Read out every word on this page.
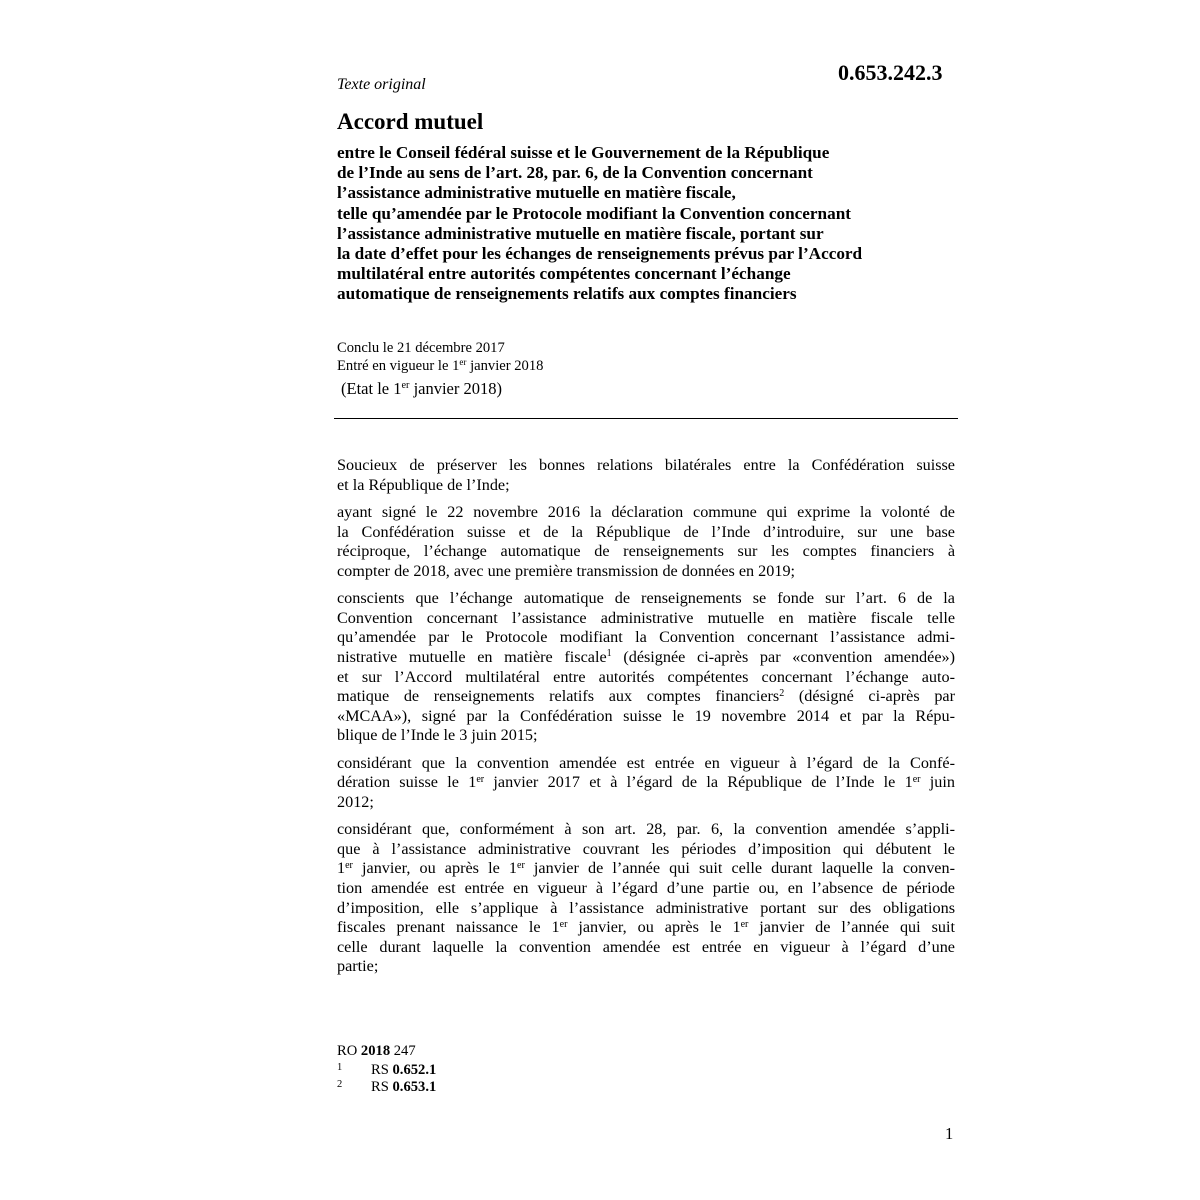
0.653.242.3
Texte original
Accord mutuel
entre le Conseil fédéral suisse et le Gouvernement de la République
de l’Inde au sens de l’art. 28, par. 6, de la Convention concernant
l’assistance administrative mutuelle en matière fiscale,
telle qu’amendée par le Protocole modifiant la Convention concernant
l’assistance administrative mutuelle en matière fiscale, portant sur
la date d’effet pour les échanges de renseignements prévus par l’Accord
multilatéral entre autorités compétentes concernant l’échange
automatique de renseignements relatifs aux comptes financiers
Conclu le 21 décembre 2017
Entré en vigueur le 1er janvier 2018
(Etat le 1er janvier 2018)
Soucieux de préserver les bonnes relations bilatérales entre la Confédération suisse
et la République de l’Inde;
ayant signé le 22 novembre 2016 la déclaration commune qui exprime la volonté de
la Confédération suisse et de la République de l’Inde d’introduire, sur une base
réciproque, l’échange automatique de renseignements sur les comptes financiers à
compter de 2018, avec une première transmission de données en 2019;
conscients que l’échange automatique de renseignements se fonde sur l’art. 6 de la
Convention concernant l’assistance administrative mutuelle en matière fiscale telle
qu’amendée par le Protocole modifiant la Convention concernant l’assistance admi-
nistrative mutuelle en matière fiscale$^1$ (désignée ci-après par «convention amendée»)
et sur l’Accord multilatéral entre autorités compétentes concernant l’échange auto-
matique de renseignements relatifs aux comptes financiers$^2$ (désigné ci-après par
«MCAA»), signé par la Confédération suisse le 19 novembre 2014 et par la Répu-
blique de l’Inde le 3 juin 2015;
considérant que la convention amendée est entrée en vigueur à l’égard de la Confé-
dération suisse le 1er janvier 2017 et à l’égard de la République de l’Inde le 1er juin
2012;
considérant que, conformément à son art. 28, par. 6, la convention amendée s’appli-
que à l’assistance administrative couvrant les périodes d’imposition qui débutent le
1er janvier, ou après le 1er janvier de l’année qui suit celle durant laquelle la conven-
tion amendée est entrée en vigueur à l’égard d’une partie ou, en l’absence de période
d’imposition, elle s’applique à l’assistance administrative portant sur des obligations
fiscales prenant naissance le 1er janvier, ou après le 1er janvier de l’année qui suit
celle durant laquelle la convention amendée est entrée en vigueur à l’égard d’une
partie;
RO 2018 247
1 RS 0.652.1
2 RS 0.653.1
1
